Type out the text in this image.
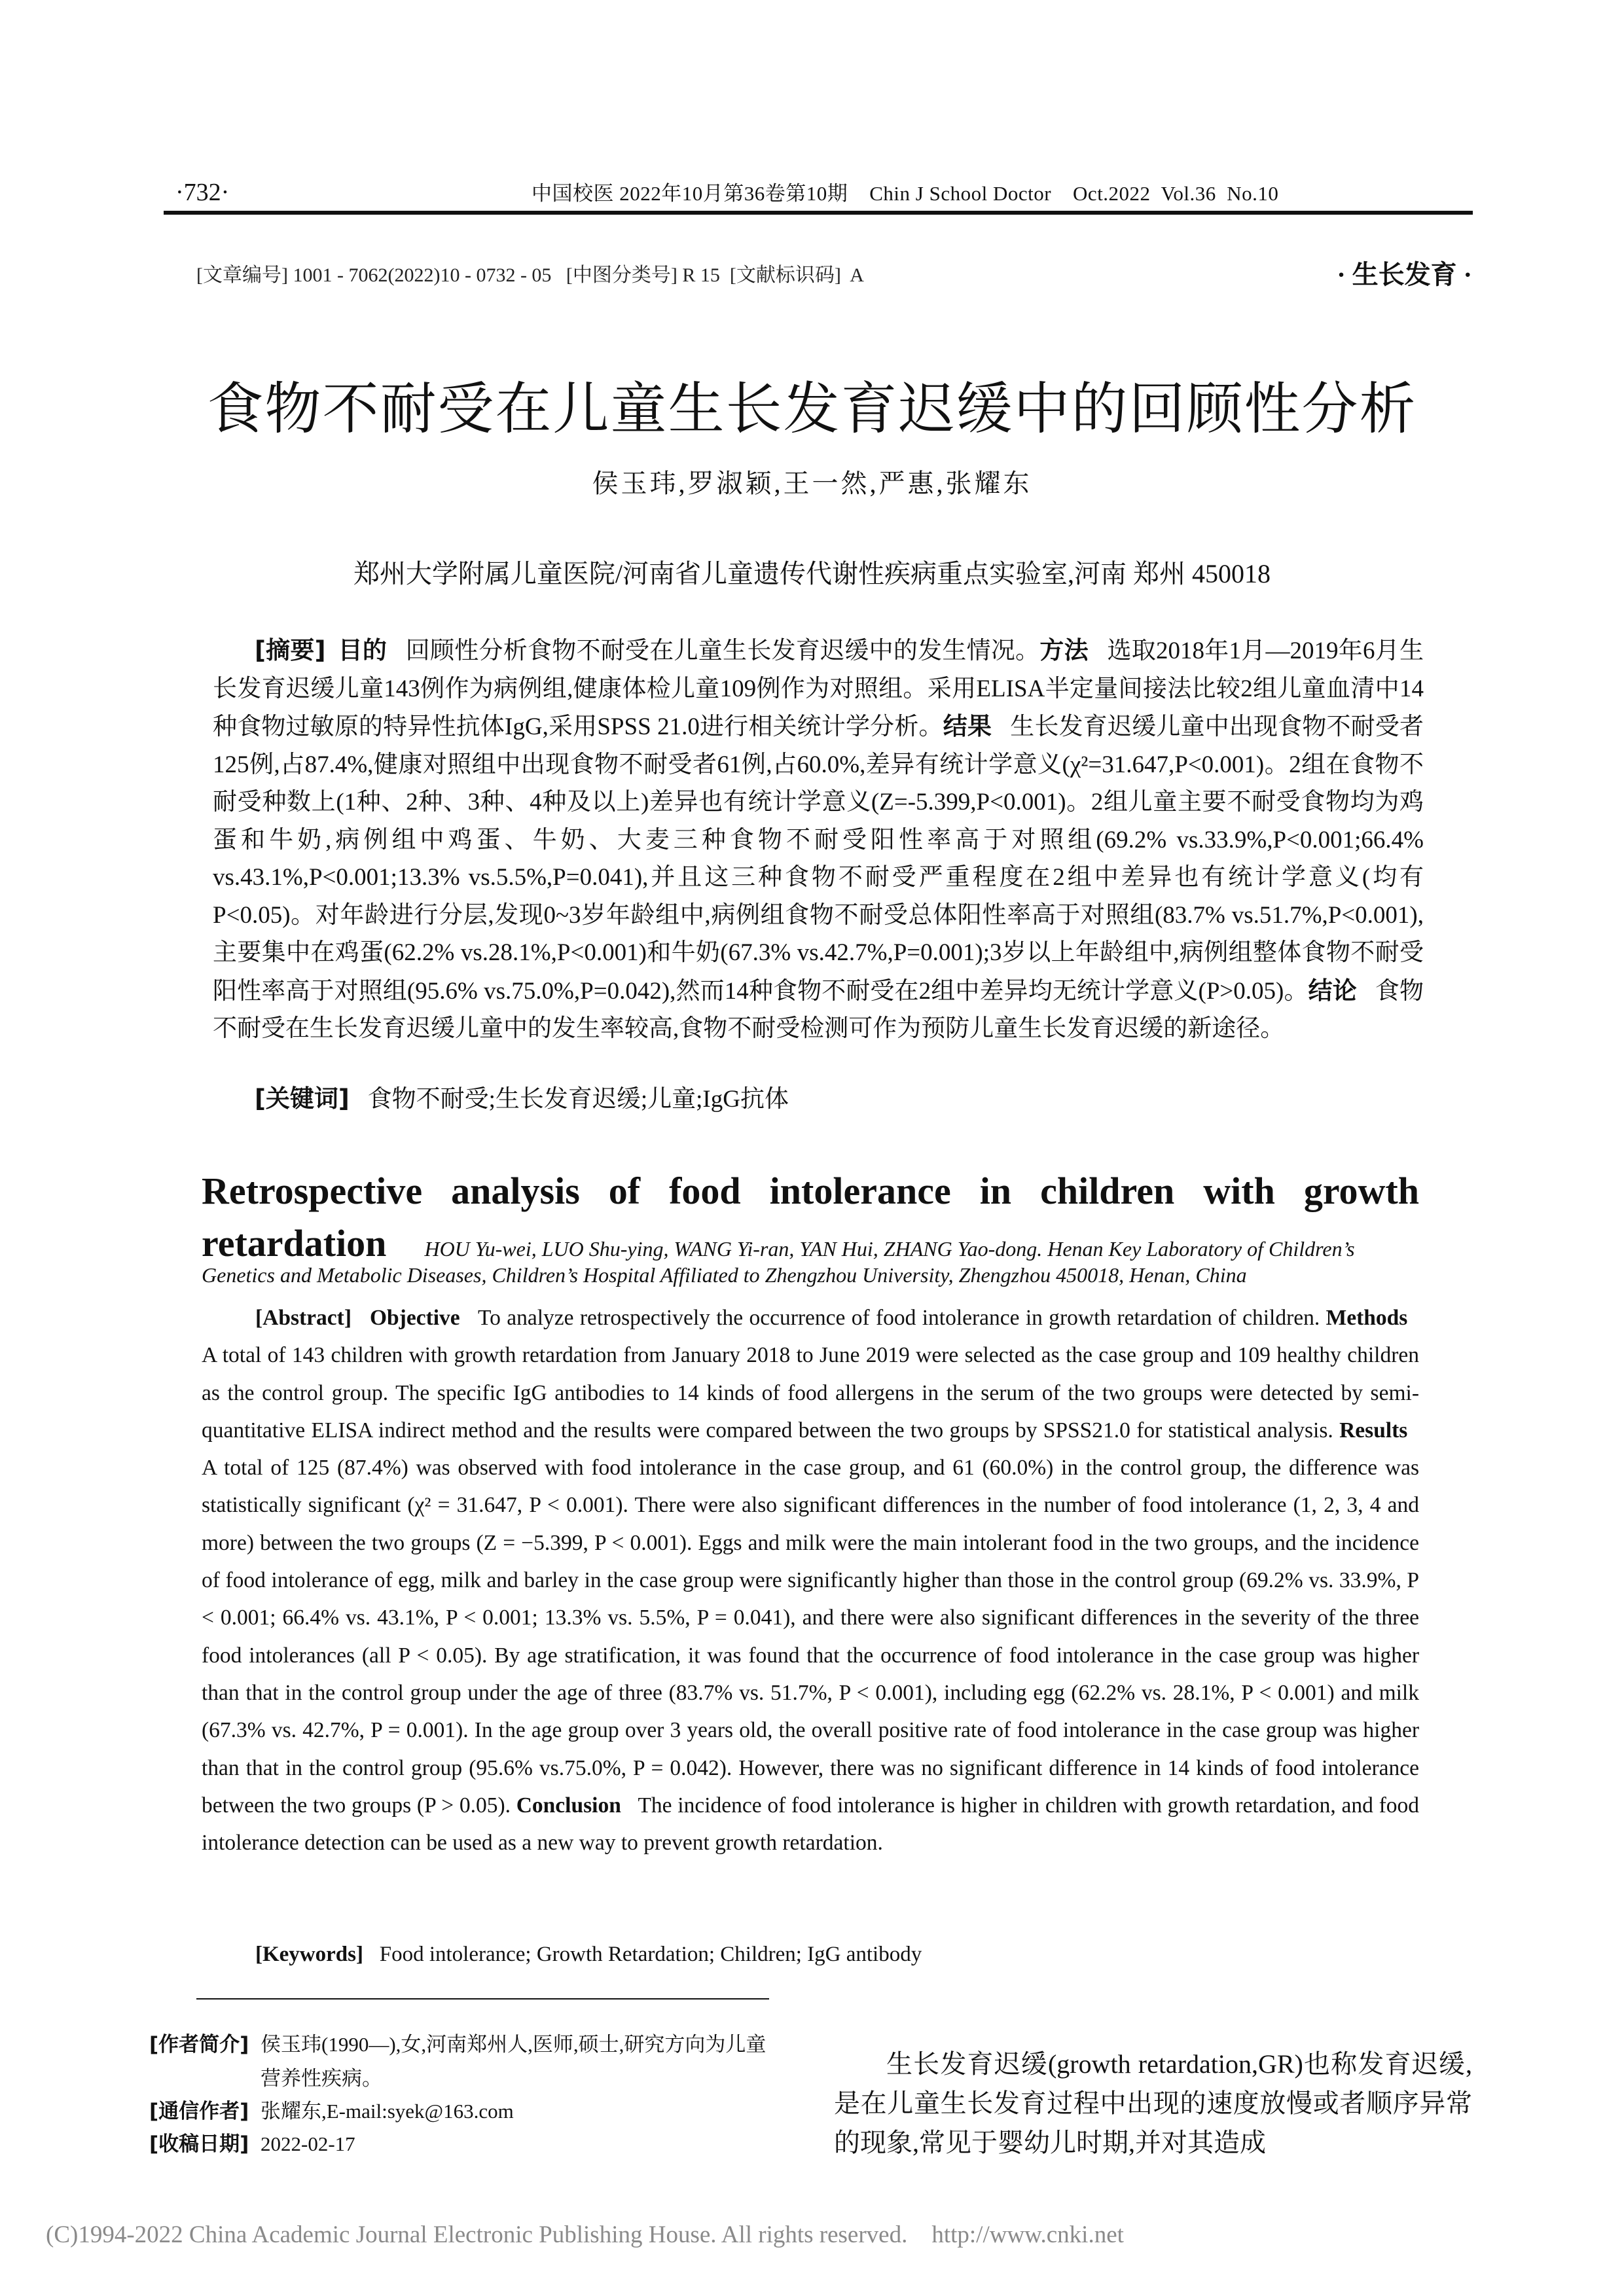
·732·	中国校医 2022年10月第36卷第10期    Chin J School Doctor    Oct.2022  Vol.36  No.10
[文章编号] 1001 - 7062(2022)10 - 0732 - 05   [中图分类号] R 15  [文献标识码]  A	· 生长发育 ·
食物不耐受在儿童生长发育迟缓中的回顾性分析
侯玉玮,罗淑颖,王一然,严惠,张耀东
郑州大学附属儿童医院/河南省儿童遗传代谢性疾病重点实验室,河南 郑州 450018
[摘要] 目的 回顾性分析食物不耐受在儿童生长发育迟缓中的发生情况。方法 选取2018年1月—2019年6月生长发育迟缓儿童143例作为病例组,健康体检儿童109例作为对照组。采用ELISA半定量间接法比较2组儿童血清中14种食物过敏原的特异性抗体IgG,采用SPSS 21.0进行相关统计学分析。结果 生长发育迟缓儿童中出现食物不耐受者125例,占87.4%,健康对照组中出现食物不耐受者61例,占60.0%,差异有统计学意义(χ²=31.647,P<0.001)。2组在食物不耐受种数上(1种、2种、3种、4种及以上)差异也有统计学意义(Z=-5.399,P<0.001)。2组儿童主要不耐受食物均为鸡蛋和牛奶,病例组中鸡蛋、牛奶、大麦三种食物不耐受阳性率高于对照组(69.2% vs.33.9%,P<0.001;66.4% vs.43.1%,P<0.001;13.3% vs.5.5%,P=0.041),并且这三种食物不耐受严重程度在2组中差异也有统计学意义(均有P<0.05)。对年龄进行分层,发现0~3岁年龄组中,病例组食物不耐受总体阳性率高于对照组(83.7% vs.51.7%,P<0.001),主要集中在鸡蛋(62.2% vs.28.1%,P<0.001)和牛奶(67.3% vs.42.7%,P=0.001);3岁以上年龄组中,病例组整体食物不耐受阳性率高于对照组(95.6% vs.75.0%,P=0.042),然而14种食物不耐受在2组中差异均无统计学意义(P>0.05)。结论 食物不耐受在生长发育迟缓儿童中的发生率较高,食物不耐受检测可作为预防儿童生长发育迟缓的新途径。
[关键词] 食物不耐受;生长发育迟缓;儿童;IgG抗体
Retrospective analysis of food intolerance in children with growth retardation HOU Yu-wei, LUO Shu-ying, WANG Yi-ran, YAN Hui, ZHANG Yao-dong. Henan Key Laboratory of Children’s
Genetics and Metabolic Diseases, Children’s Hospital Affiliated to Zhengzhou University, Zhengzhou 450018, Henan, China
[Abstract] Objective To analyze retrospectively the occurrence of food intolerance in growth retardation of children. Methods   A total of 143 children with growth retardation from January 2018 to June 2019 were selected as the case group and 109 healthy children as the control group. The specific IgG antibodies to 14 kinds of food allergens in the serum of the two groups were detected by semi-quantitative ELISA indirect method and the results were compared between the two groups by SPSS21.0 for statistical analysis. Results   A total of 125 (87.4%) was observed with food intolerance in the case group, and 61 (60.0%) in the control group, the difference was statistically significant (χ² = 31.647, P < 0.001). There were also significant differences in the number of food intolerance (1, 2, 3, 4 and more) between the two groups (Z = −5.399, P < 0.001). Eggs and milk were the main intolerant food in the two groups, and the incidence of food intolerance of egg, milk and barley in the case group were significantly higher than those in the control group (69.2% vs. 33.9%, P < 0.001; 66.4% vs. 43.1%, P < 0.001; 13.3% vs. 5.5%, P = 0.041), and there were also significant differences in the severity of the three food intolerances (all P < 0.05). By age stratification, it was found that the occurrence of food intolerance in the case group was higher than that in the control group under the age of three (83.7% vs. 51.7%, P < 0.001), including egg (62.2% vs. 28.1%, P < 0.001) and milk (67.3% vs. 42.7%, P = 0.001). In the age group over 3 years old, the overall positive rate of food intolerance in the case group was higher than that in the control group (95.6% vs.75.0%, P = 0.042). However, there was no significant difference in 14 kinds of food intolerance between the two groups (P > 0.05). Conclusion The incidence of food intolerance is higher in children with growth retardation, and food intolerance detection can be used as a new way to prevent growth retardation.
[Keywords] Food intolerance; Growth Retardation; Children; IgG antibody
[作者简介] 侯玉玮(1990—),女,河南郑州人,医师,硕士,研究方向为儿童营养性疾病。
[通信作者] 张耀东,E-mail:syek@163.com
[收稿日期] 2022-02-17
生长发育迟缓(growth retardation,GR)也称发育迟缓,是在儿童生长发育过程中出现的速度放慢或者顺序异常的现象,常见于婴幼儿时期,并对其造成
(C)1994-2022 China Academic Journal Electronic Publishing House. All rights reserved.    http://www.cnki.net
